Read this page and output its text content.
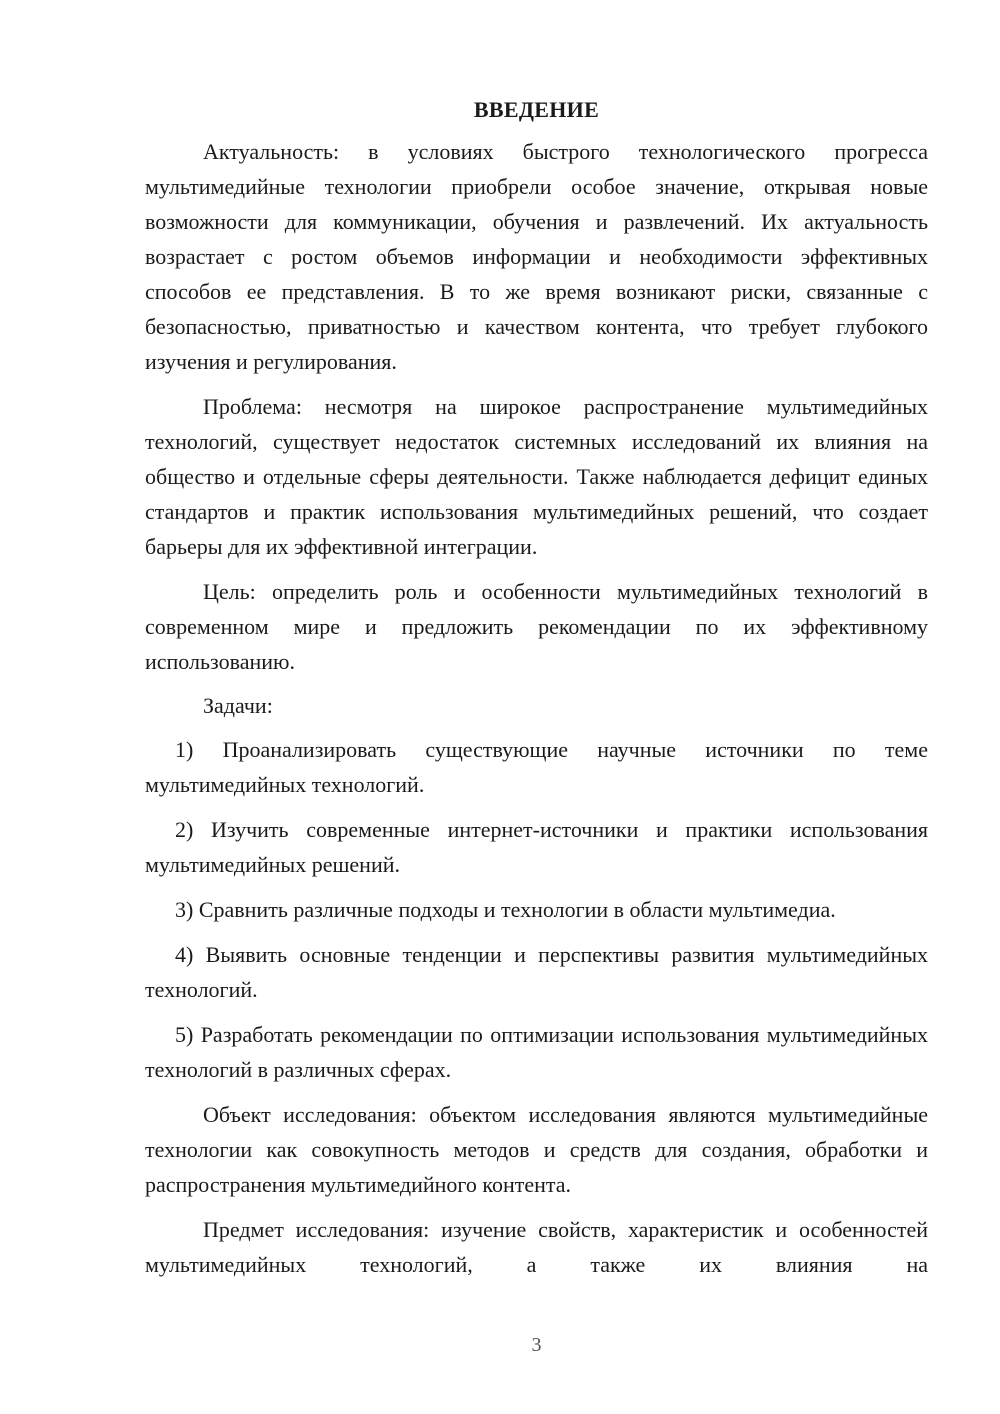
ВВЕДЕНИЕ

Актуальность: в условиях быстрого технологического прогресса мультимедийные технологии приобрели особое значение, открывая новые возможности для коммуникации, обучения и развлечений. Их актуальность возрастает с ростом объемов информации и необходимости эффективных способов ее представления. В то же время возникают риски, связанные с безопасностью, приватностью и качеством контента, что требует глубокого изучения и регулирования.

Проблема: несмотря на широкое распространение мультимедийных технологий, существует недостаток системных исследований их влияния на общество и отдельные сферы деятельности. Также наблюдается дефицит единых стандартов и практик использования мультимедийных решений, что создает барьеры для их эффективной интеграции.

Цель: определить роль и особенности мультимедийных технологий в современном мире и предложить рекомендации по их эффективному использованию.

Задачи:

1) Проанализировать существующие научные источники по теме мультимедийных технологий.

2) Изучить современные интернет-источники и практики использования мультимедийных решений.

3) Сравнить различные подходы и технологии в области мультимедиа.

4) Выявить основные тенденции и перспективы развития мультимедийных технологий.

5) Разработать рекомендации по оптимизации использования мультимедийных технологий в различных сферах.

Объект исследования: объектом исследования являются мультимедийные технологии как совокупность методов и средств для создания, обработки и распространения мультимедийного контента.

Предмет исследования: изучение свойств, характеристик и особенностей мультимедийных технологий, а также их влияния на

3
